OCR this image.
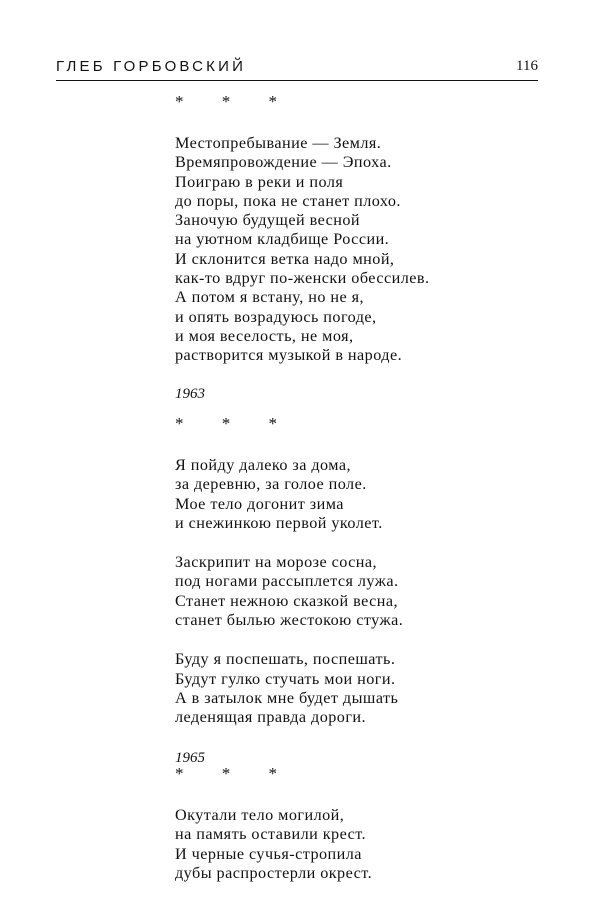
ГЛЕБ ГОРБОВСКИЙ	116
* * *
Местопребывание — Земля.
Времяпровождение — Эпоха.
Поиграю в реки и поля
до поры, пока не станет плохо.
Заночую будущей весной
на уютном кладбище России.
И склонится ветка надо мной,
как-то вдруг по-женски обессилев.
А потом я встану, но не я,
и опять возрадуюсь погоде,
и моя веселость, не моя,
растворится музыкой в народе.
1963
* * *
Я пойду далеко за дома,
за деревню, за голое поле.
Мое тело догонит зима
и снежинкою первой уколет.
Заскрипит на морозе сосна,
под ногами рассыплется лужа.
Станет нежною сказкой весна,
станет былью жестокою стужа.
Буду я поспешать, поспешать.
Будут гулко стучать мои ноги.
А в затылок мне будет дышать
леденящая правда дороги.
1965
* * *
Окутали тело могилой,
на память оставили крест.
И черные сучья-стропила
дубы распростерли окрест.
